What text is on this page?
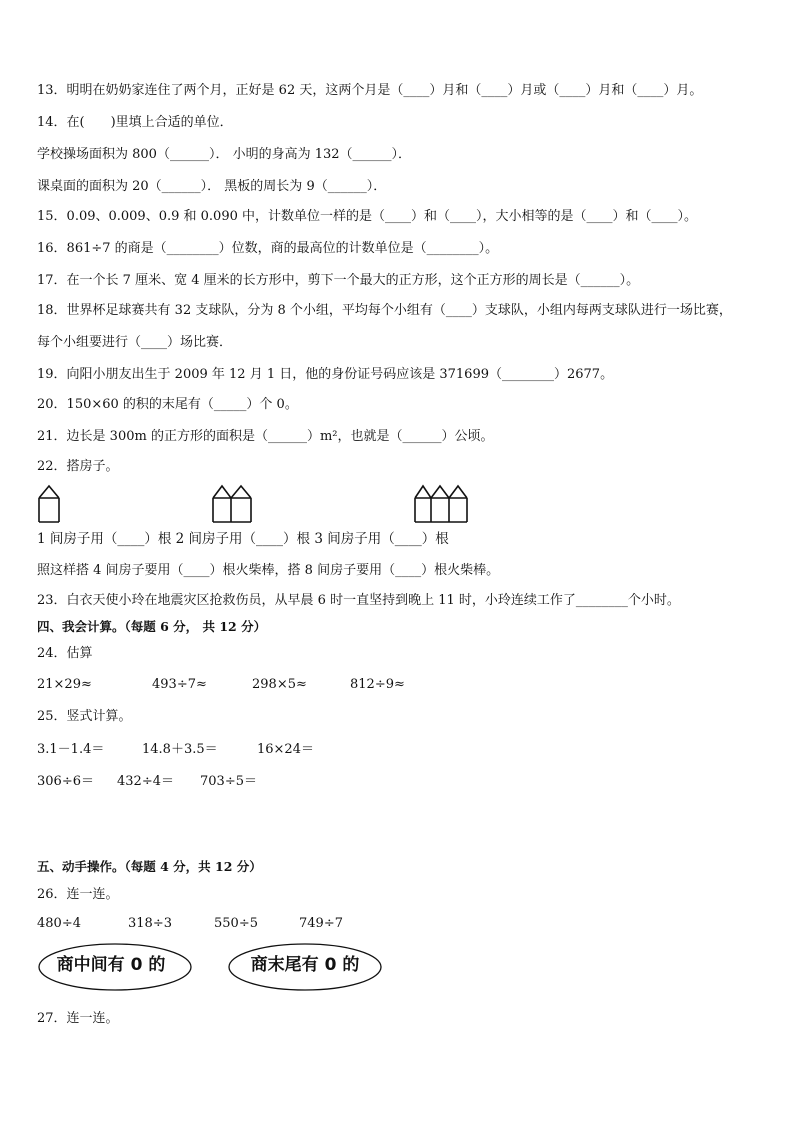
13．明明在奶奶家连住了两个月，正好是 62 天，这两个月是（____）月和（____）月或（____）月和（____）月。
14．在(　　)里填上合适的单位．
学校操场面积为 800（______）． 小明的身高为 132（______）．
课桌面的面积为 20（______）． 黑板的周长为 9（______）．
15．0.09、0.009、0.9 和 0.090 中，计数单位一样的是（____）和（____），大小相等的是（____）和（____）。
16．861÷7 的商是（________）位数，商的最高位的计数单位是（________）。
17．在一个长 7 厘米、宽 4 厘米的长方形中，剪下一个最大的正方形，这个正方形的周长是（______）。
18．世界杯足球赛共有 32 支球队，分为 8 个小组，平均每个小组有（____）支球队，小组内每两支球队进行一场比赛，
每个小组要进行（____）场比赛．
19．向阳小朋友出生于 2009 年 12 月 1 日，他的身份证号码应该是 371699（________）2677。
20．150×60 的积的末尾有（_____）个 0。
21．边长是 300m 的正方形的面积是（______）m²，也就是（______）公顷。
22．搭房子。
1 间房子用（____）根 2 间房子用（____）根 3 间房子用（____）根
照这样搭 4 间房子要用（____）根火柴棒，搭 8 间房子要用（____）根火柴棒。
23．白衣天使小玲在地震灾区抢救伤员，从早晨 6 时一直坚持到晚上 11 时，小玲连续工作了________个小时。
四、我会计算。（每题 6 分， 共 12 分）
24．估算
21×29≈	493÷7≈	298×5≈	812÷9≈
25．竖式计算。
3.1－1.4＝	14.8＋3.5＝	16×24＝
306÷6＝ 432÷4＝ 703÷5＝
五、动手操作。（每题 4 分，共 12 分）
26．连一连。
480÷4	318÷3	550÷5	749÷7
商中间有 0 的	商末尾有 0 的
27．连一连。
